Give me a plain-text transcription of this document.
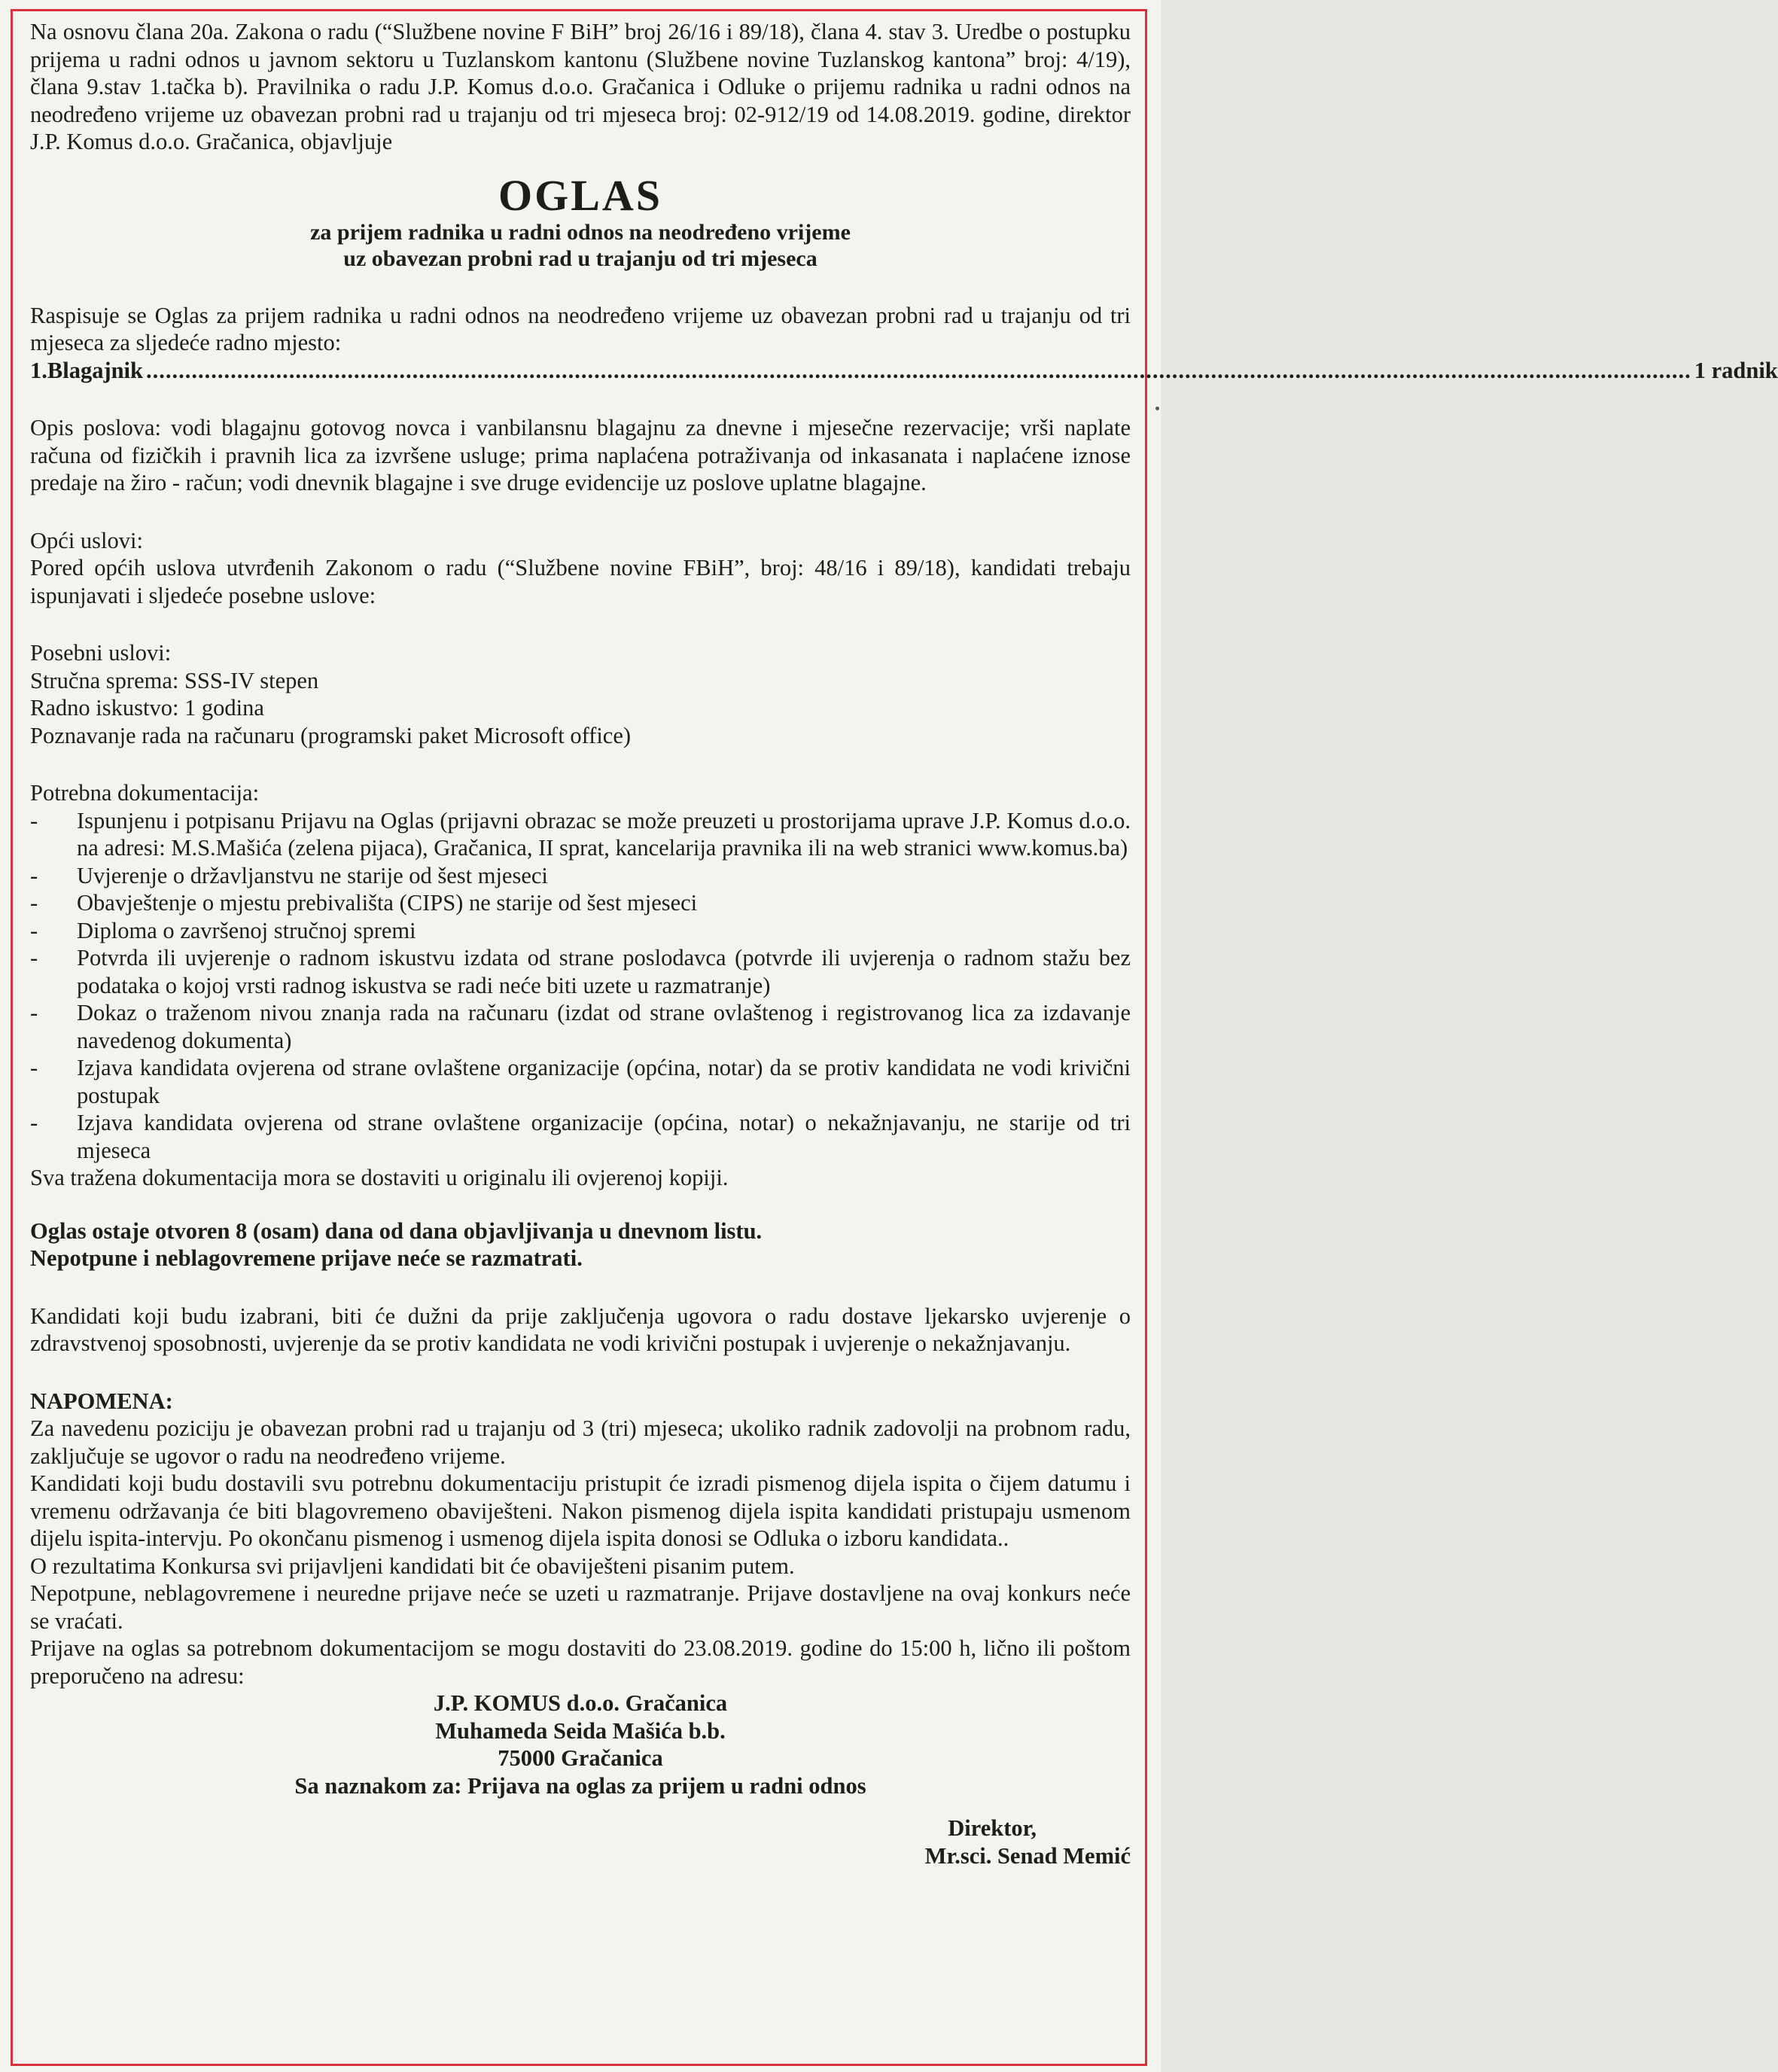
Na osnovu člana 20a. Zakona o radu (“Službene novine F BiH” broj 26/16 i 89/18), člana 4. stav 3. Uredbe o postupku prijema u radni odnos u javnom sektoru u Tuzlanskom kantonu (Službene novine Tuzlanskog kantona” broj: 4/19), člana 9.stav 1.tačka b). Pravilnika o radu J.P. Komus d.o.o. Gračanica i Odluke o prijemu radnika u radni odnos na neodređeno vrijeme uz obavezan probni rad u trajanju od tri mjeseca broj: 02-912/19 od 14.08.2019. godine, direktor J.P. Komus d.o.o. Gračanica, objavljuje

OGLAS

za prijem radnika u radni odnos na neodređeno vrijeme

uz obavezan probni rad u trajanju od tri mjeseca

Raspisuje se Oglas za prijem radnika u radni odnos na neodređeno vrijeme uz obavezan probni rad u trajanju od tri mjeseca za sljedeće radno mjesto:

1. Blagajnik .............................................................................................................................................................................................................................................. 1 radnik

Opis poslova: vodi blagajnu gotovog novca i vanbilansnu blagajnu za dnevne i mjesečne rezervacije; vrši naplate računa od fizičkih i pravnih lica za izvršene usluge; prima naplaćena potraživanja od inkasanata i naplaćene iznose predaje na žiro - račun; vodi dnevnik blagajne i sve druge evidencije uz poslove uplatne blagajne.

Opći uslovi:

Pored općih uslova utvrđenih Zakonom o radu (“Službene novine FBiH”, broj: 48/16 i 89/18), kandidati trebaju ispunjavati i sljedeće posebne uslove:

Posebni uslovi:

Stručna sprema: SSS-IV stepen

Radno iskustvo: 1 godina

Poznavanje rada na računaru (programski paket Microsoft office)

Potrebna dokumentacija:

-	Ispunjenu i potpisanu Prijavu na Oglas (prijavni obrazac se može preuzeti u prostorijama uprave J.P. Komus d.o.o. na adresi: M.S.Mašića (zelena pijaca), Gračanica, II sprat, kancelarija pravnika ili na web stranici www.komus.ba)
-	Uvjerenje o državljanstvu ne starije od šest mjeseci
-	Obavještenje o mjestu prebivališta (CIPS) ne starije od šest mjeseci
-	Diploma o završenoj stručnoj spremi
-	Potvrda ili uvjerenje o radnom iskustvu izdata od strane poslodavca (potvrde ili uvjerenja o radnom stažu bez podataka o kojoj vrsti radnog iskustva se radi neće biti uzete u razmatranje)
-	Dokaz o traženom nivou znanja rada na računaru (izdat od strane ovlaštenog i registrovanog lica za izdavanje navedenog dokumenta)
-	Izjava kandidata ovjerena od strane ovlaštene organizacije (općina, notar) da se protiv kandidata ne vodi krivični postupak
-	Izjava kandidata ovjerena od strane ovlaštene organizacije (općina, notar) o nekažnjavanju, ne starije od tri mjeseca

Sva tražena dokumentacija mora se dostaviti u originalu ili ovjerenoj kopiji.

Oglas ostaje otvoren 8 (osam) dana od dana objavljivanja u dnevnom listu.

Nepotpune i neblagovremene prijave neće se razmatrati.

Kandidati koji budu izabrani, biti će dužni da prije zaključenja ugovora o radu dostave ljekarsko uvjerenje o zdravstvenoj sposobnosti, uvjerenje da se protiv kandidata ne vodi krivični postupak i uvjerenje o nekažnjavanju.

NAPOMENA:

Za navedenu poziciju je obavezan probni rad u trajanju od 3 (tri) mjeseca; ukoliko radnik zadovolji na probnom radu, zaključuje se ugovor o radu na neodređeno vrijeme.

Kandidati koji budu dostavili svu potrebnu dokumentaciju pristupit će izradi pismenog dijela ispita o čijem datumu i vremenu održavanja će biti blagovremeno obaviješteni. Nakon pismenog dijela ispita kandidati pristupaju usmenom dijelu ispita-intervju. Po okončanu pismenog i usmenog dijela ispita donosi se Odluka o izboru kandidata..

O rezultatima Konkursa svi prijavljeni kandidati bit će obaviješteni pisanim putem.

Nepotpune, neblagovremene i neuredne prijave neće se uzeti u razmatranje. Prijave dostavljene na ovaj konkurs neće se vraćati.

Prijave na oglas sa potrebnom dokumentacijom se mogu dostaviti do 23.08.2019. godine do 15:00 h, lično ili poštom preporučeno na adresu:

J.P. KOMUS d.o.o. Gračanica

Muhameda Seida Mašića b.b.

75000 Gračanica

Sa naznakom za: Prijava na oglas za prijem u radni odnos

Direktor,

Mr.sci. Senad Memić
